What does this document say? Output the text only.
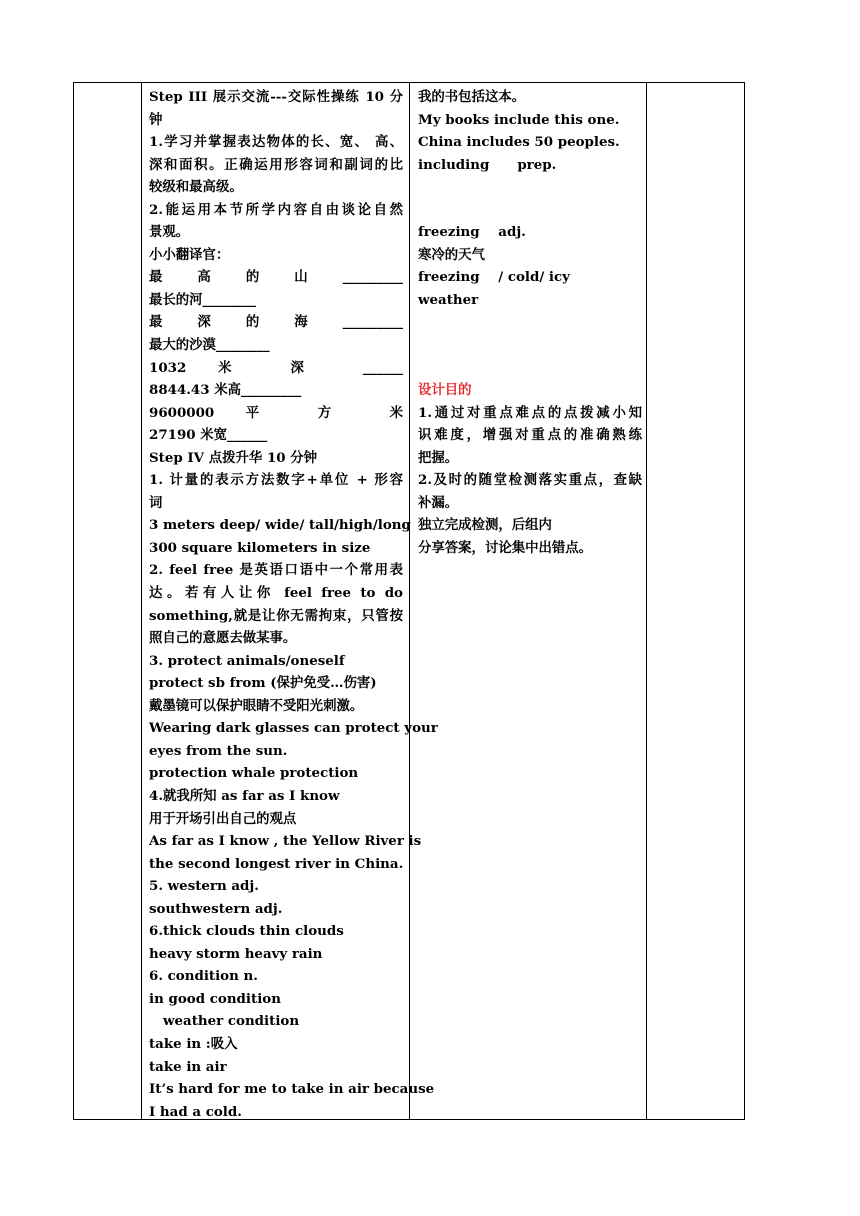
Step III 展示交流---交际性操练 10 分
钟
1.学习并掌握表达物体的长、宽、 高、
深和面积。正确运用形容词和副词的比
较级和最高级。
2.能运用本节所学内容自由谈论自然
景观。
小小翻译官：
最 高 的 山 _________
最长的河________
最 深 的 海 _________
最大的沙漠________
1032 米 深 ______
8844.43 米高_________
9600000 平 方 米
27190 米宽______
Step IV 点拨升华 10 分钟
1. 计量的表示方法数字+单位 + 形容
词
3 meters deep/ wide/ tall/high/long
300 square kilometers in size
2. feel free 是英语口语中一个常用表
达。若有人让你 feel free to do
something,就是让你无需拘束，只管按
照自己的意愿去做某事。
3. protect animals/oneself
protect sb from (保护免受…伤害)
戴墨镜可以保护眼睛不受阳光刺激。
Wearing dark glasses can protect your
eyes from the sun.
protection whale protection
4.就我所知 as far as I know
用于开场引出自己的观点
As far as I know , the Yellow River is
the second longest river in China.
5. western adj.
southwestern adj.
6.thick clouds thin clouds
heavy storm heavy rain
6. condition n.
in good condition
weather condition
take in :吸入
take in air
It’s hard for me to take in air because
I had a cold.
我的书包括这本。
My books include this one.
China includes 50 peoples.
including      prep.
freezing    adj.
寒冷的天气
freezing    / cold/ icy
weather
设计目的
1.通过对重点难点的点拨减小知
识难度，增强对重点的准确熟练
把握。
2.及时的随堂检测落实重点，查缺
补漏。
独立完成检测，后组内
分享答案，讨论集中出错点。
